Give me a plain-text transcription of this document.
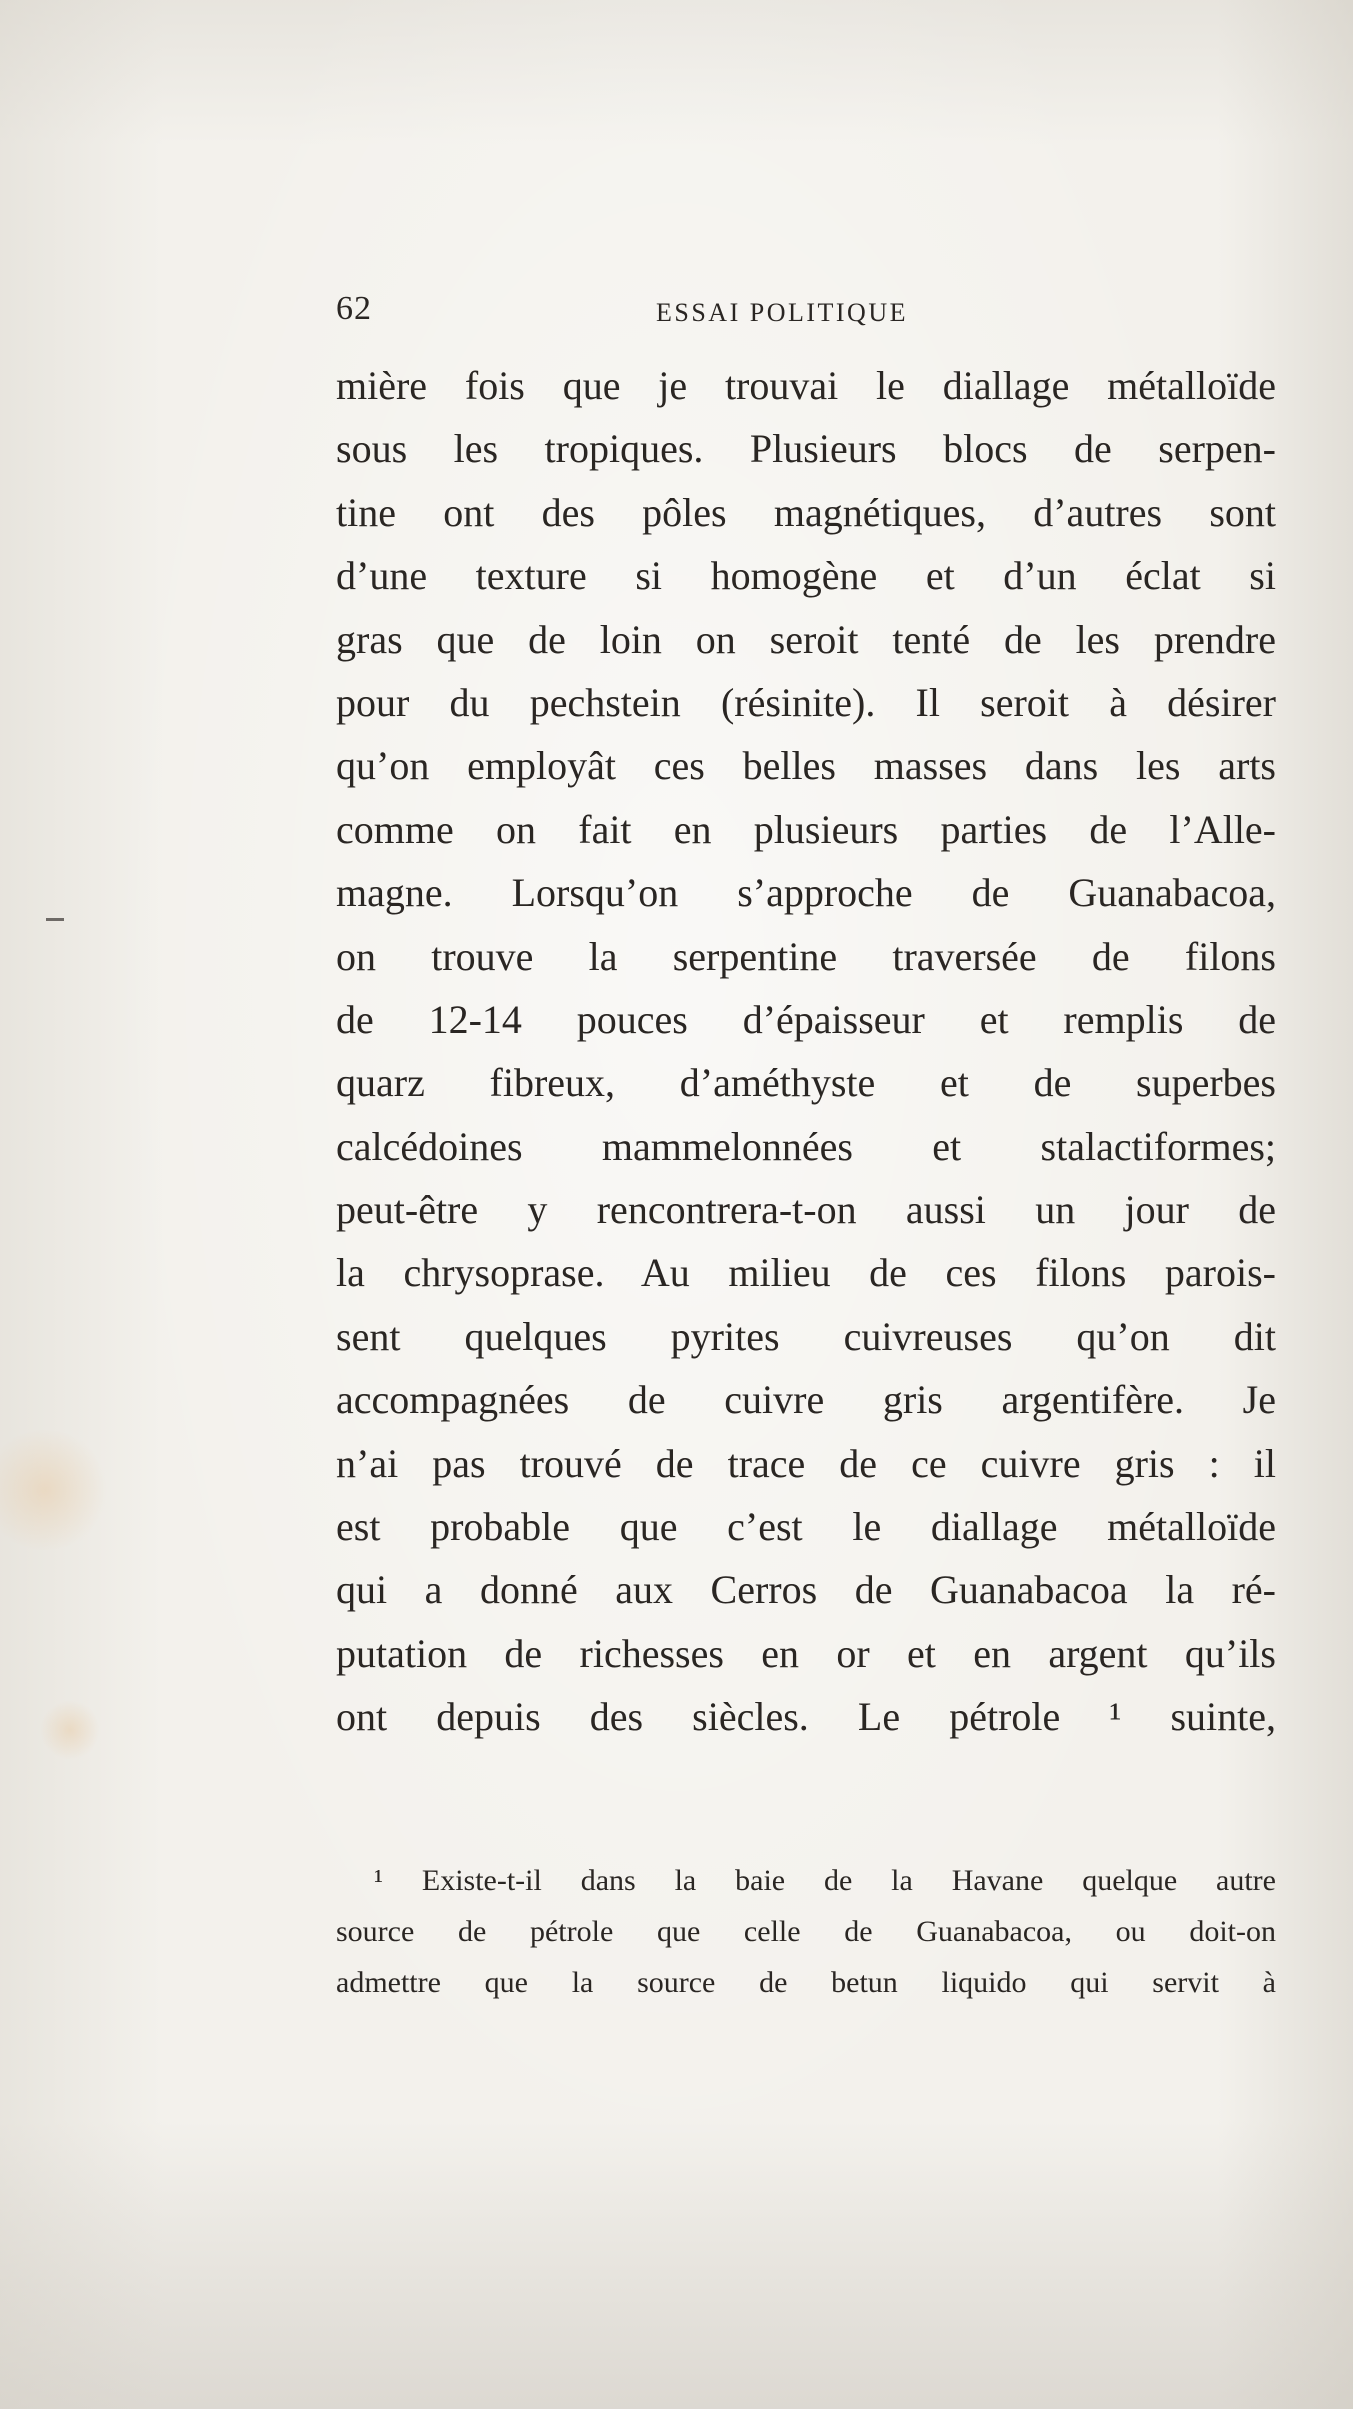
62	ESSAI POLITIQUE
mière fois que je trouvai le diallage métalloïde
sous les tropiques. Plusieurs blocs de serpen-
tine ont des pôles magnétiques, d’autres sont
d’une texture si homogène et d’un éclat si
gras que de loin on seroit tenté de les prendre
pour du pechstein (résinite). Il seroit à désirer
qu’on employât ces belles masses dans les arts
comme on fait en plusieurs parties de l’Alle-
magne. Lorsqu’on s’approche de Guanabacoa,
on trouve la serpentine traversée de filons
de 12-14 pouces d’épaisseur et remplis de
quarz fibreux, d’améthyste et de superbes
calcédoines mammelonnées et stalactiformes;
peut-être y rencontrera-t-on aussi un jour de
la chrysoprase. Au milieu de ces filons parois-
sent quelques pyrites cuivreuses qu’on dit
accompagnées de cuivre gris argentifère. Je
n’ai pas trouvé de trace de ce cuivre gris : il
est probable que c’est le diallage métalloïde
qui a donné aux Cerros de Guanabacoa la ré-
putation de richesses en or et en argent qu’ils
ont depuis des siècles. Le pétrole ¹ suinte,
¹ Existe-t-il dans la baie de la Havane quelque autre
source de pétrole que celle de Guanabacoa, ou doit-on
admettre que la source de betun liquido qui servit à
